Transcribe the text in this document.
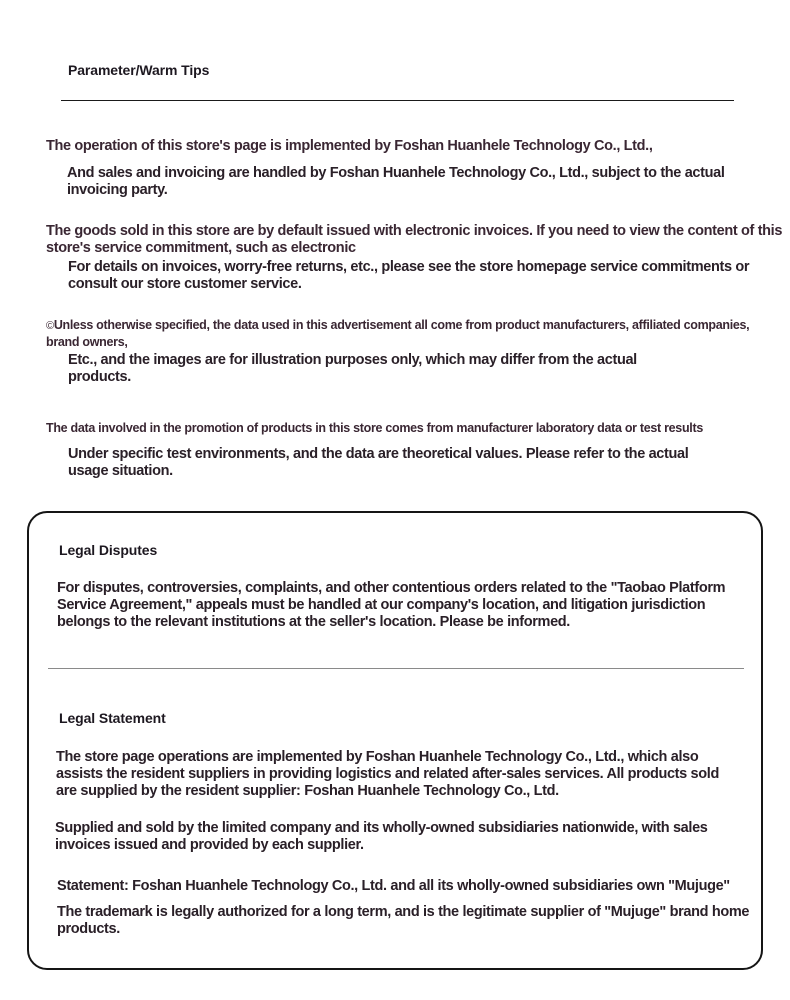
Parameter/Warm Tips
The operation of this store's page is implemented by Foshan Huanhele Technology Co., Ltd.,
And sales and invoicing are handled by Foshan Huanhele Technology Co., Ltd., subject to the actual invoicing party.
The goods sold in this store are by default issued with electronic invoices. If you need to view the content of this store's service commitment, such as electronic
For details on invoices, worry-free returns, etc., please see the store homepage service commitments or consult our store customer service.
©Unless otherwise specified, the data used in this advertisement all come from product manufacturers, affiliated companies, brand owners,
Etc., and the images are for illustration purposes only, which may differ from the actual products.
The data involved in the promotion of products in this store comes from manufacturer laboratory data or test results
Under specific test environments, and the data are theoretical values. Please refer to the actual usage situation.
Legal Disputes
For disputes, controversies, complaints, and other contentious orders related to the "Taobao Platform Service Agreement," appeals must be handled at our company's location, and litigation jurisdiction belongs to the relevant institutions at the seller's location. Please be informed.
Legal Statement
The store page operations are implemented by Foshan Huanhele Technology Co., Ltd., which also assists the resident suppliers in providing logistics and related after-sales services. All products sold are supplied by the resident supplier: Foshan Huanhele Technology Co., Ltd.
Supplied and sold by the limited company and its wholly-owned subsidiaries nationwide, with sales invoices issued and provided by each supplier.
Statement: Foshan Huanhele Technology Co., Ltd. and all its wholly-owned subsidiaries own "Mujuge"
The trademark is legally authorized for a long term, and is the legitimate supplier of "Mujuge" brand home products.
